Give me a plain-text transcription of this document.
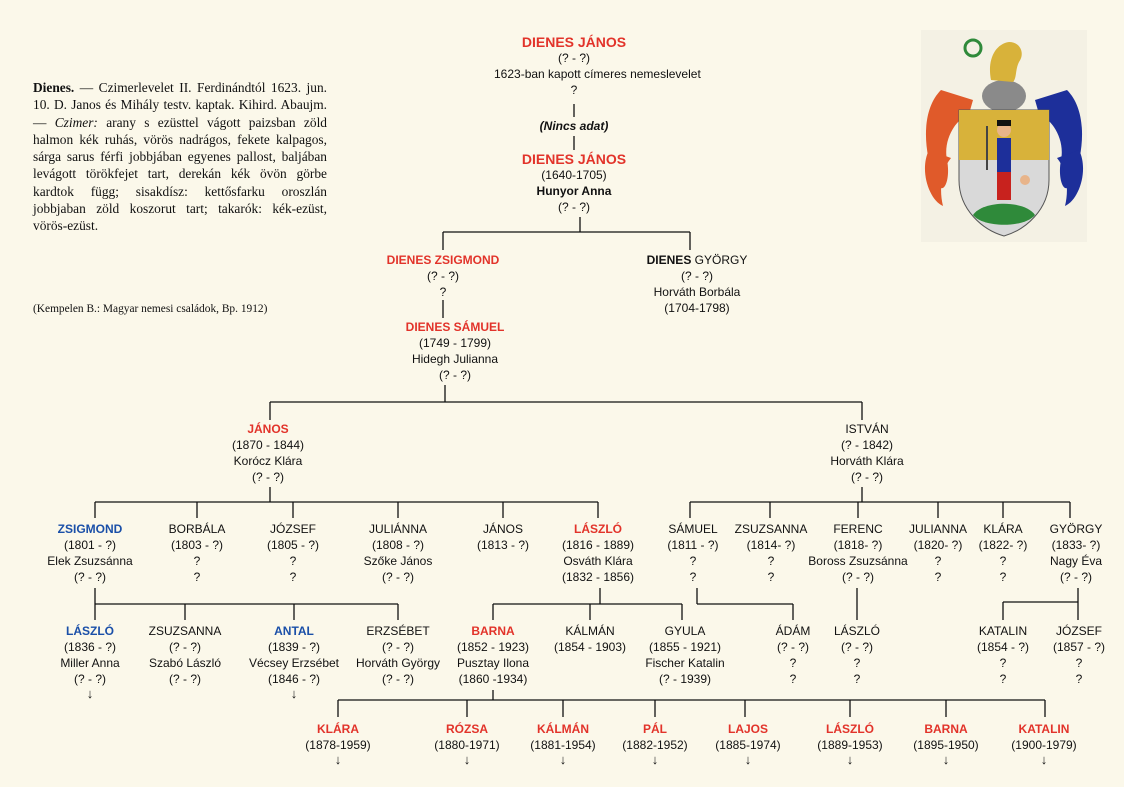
Dienes. — Czimerlevelet II. Ferdinándtól 1623. jun. 10. D. Janos és Mihály testv. kaptak. Kihird. Abaujm. — Czimer: arany s ezüsttel vágott paizsban zöld halmon kék ruhás, vörös nadrágos, fekete kalpagos, sárga sarus férfi jobbjában egyenes pallost, baljában levágott törökfejet tart, derekán kék övön görbe kardtok függ; sisakdísz: kettősfarku oroszlán jobbjaban zöld koszorut tart; takarók: kék-ezüst, vörös-ezüst.
(Kempelen B.: Magyar nemesi családok, Bp. 1912)
DIENES JÁNOS
(? - ?)
1623-ban kapott címeres nemeslevelet
?
(Nincs adat)
DIENES JÁNOS
(1640-1705)
Hunyor Anna
(? - ?)
DIENES ZSIGMOND
(? - ?)
?
DIENES GYÖRGY
(? - ?)
Horváth Borbála
(1704-1798)
DIENES SÁMUEL
(1749 - 1799)
Hidegh Julianna
(? - ?)
JÁNOS
(1870 - 1844)
Korócz Klára
(? - ?)
ISTVÁN
(? - 1842)
Horváth Klára
(? - ?)
ZSIGMOND
(1801 - ?)
Elek Zsuzsánna
(? - ?)
BORBÁLA
(1803 - ?)
?
?
JÓZSEF
(1805 - ?)
?
?
JULIÁNNA
(1808 - ?)
Szőke János
(? - ?)
JÁNOS
(1813 - ?)
LÁSZLÓ
(1816 - 1889)
Osváth Klára
(1832 - 1856)
SÁMUEL
(1811 - ?)
?
?
ZSUZSANNA
(1814- ?)
?
?
FERENC
(1818- ?)
Boross Zsuzsánna
(? - ?)
JULIANNA
(1820- ?)
?
?
KLÁRA
(1822- ?)
?
?
GYÖRGY
(1833- ?)
Nagy Éva
(? - ?)
LÁSZLÓ
(1836 - ?)
Miller Anna
(? - ?)
↓
ZSUZSANNA
(? - ?)
Szabó László
(? - ?)
ANTAL
(1839 - ?)
Vécsey Erzsébet
(1846 - ?)
↓
ERZSÉBET
(? - ?)
Horváth György
(? - ?)
BARNA
(1852 - 1923)
Pusztay Ilona
(1860 -1934)
KÁLMÁN
(1854 - 1903)
GYULA
(1855 - 1921)
Fischer Katalin
(? - 1939)
ÁDÁM
(? - ?)
?
?
LÁSZLÓ
(? - ?)
?
?
KATALIN
(1854 - ?)
?
?
JÓZSEF
(1857 - ?)
?
?
KLÁRA
(1878-1959)
↓
RÓZSA
(1880-1971)
↓
KÁLMÁN
(1881-1954)
↓
PÁL
(1882-1952)
↓
LAJOS
(1885-1974)
↓
LÁSZLÓ
(1889-1953)
↓
BARNA
(1895-1950)
↓
KATALIN
(1900-1979)
↓
